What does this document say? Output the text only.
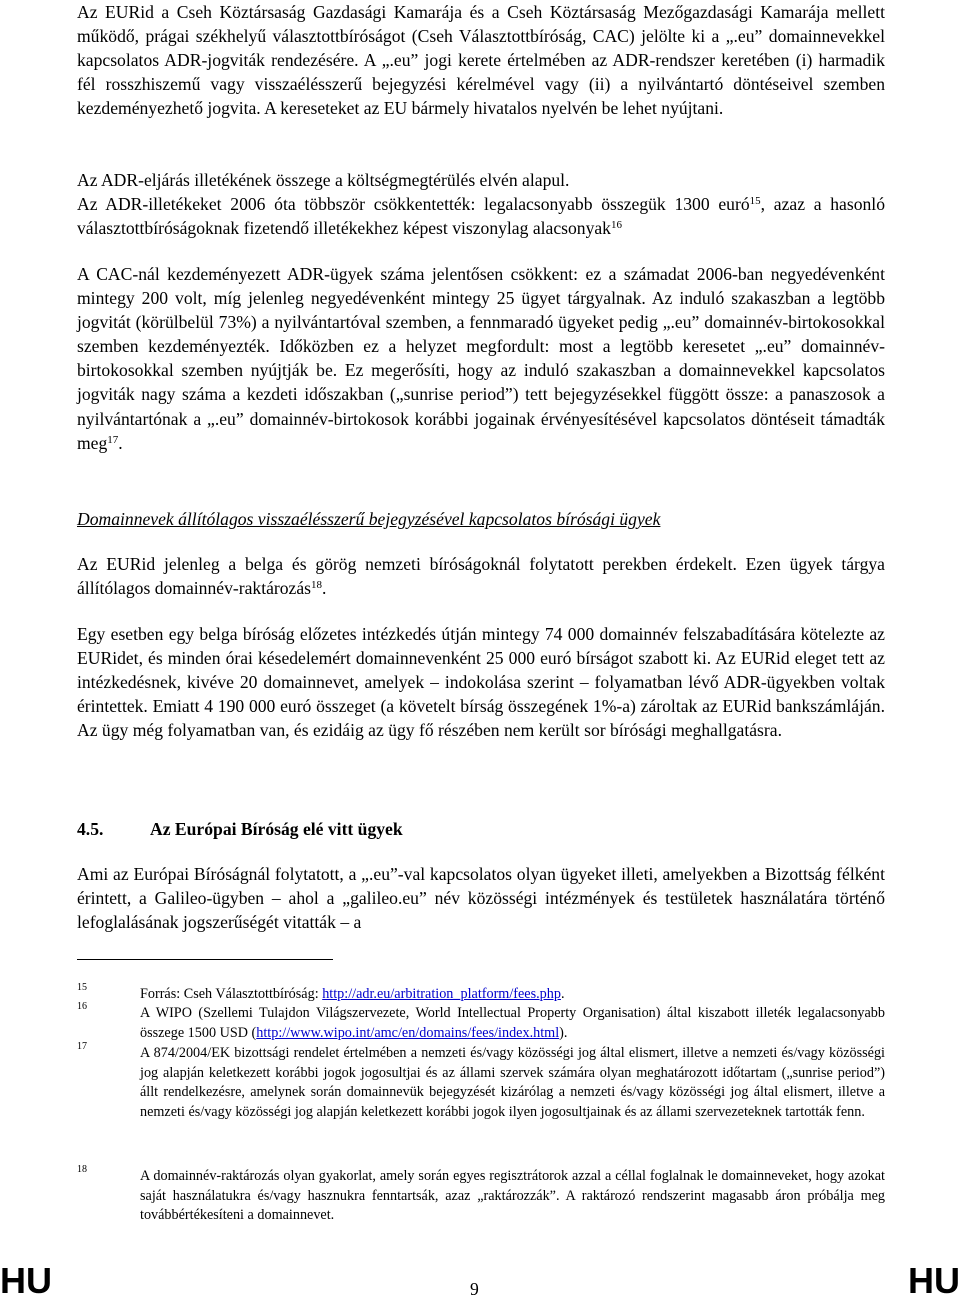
Az EURid a Cseh Köztársaság Gazdasági Kamarája és a Cseh Köztársaság Mezőgazdasági Kamarája mellett működő, prágai székhelyű választottbíróságot (Cseh Választottbíróság, CAC) jelölte ki a „.eu” domainnevekkel kapcsolatos ADR-jogviták rendezésére. A „.eu” jogi kerete értelmében az ADR-rendszer keretében (i) harmadik fél rosszhiszemű vagy visszaélésszerű bejegyzési kérelmével vagy (ii) a nyilvántartó döntéseivel szemben kezdeményezhető jogvita. A kereseteket az EU bármely hivatalos nyelvén be lehet nyújtani.

Az ADR-eljárás illetékének összege a költségmegtérülés elvén alapul.

Az ADR-illetékeket 2006 óta többször csökkentették: legalacsonyabb összegük 1300 euró$^{15}$, azaz a hasonló választottbíróságoknak fizetendő illetékekhez képest viszonylag alacsonyak$^{16}$

A CAC-nál kezdeményezett ADR-ügyek száma jelentősen csökkent: ez a számadat 2006-ban negyedévenként mintegy 200 volt, míg jelenleg negyedévenként mintegy 25 ügyet tárgyalnak. Az induló szakaszban a legtöbb jogvitát (körülbelül 73%) a nyilvántartóval szemben, a fennmaradó ügyeket pedig „.eu” domainnév-birtokosokkal szemben kezdeményezték. Időközben ez a helyzet megfordult: most a legtöbb keresetet „.eu” domainnév-birtokosokkal szemben nyújtják be. Ez megerősíti, hogy az induló szakaszban a domainnevekkel kapcsolatos jogviták nagy száma a kezdeti időszakban („sunrise period”) tett bejegyzésekkel függött össze: a panaszosok a nyilvántartónak a „.eu” domainnév-birtokosok korábbi jogainak érvényesítésével kapcsolatos döntéseit támadták meg$^{17}$.

Domainnevek állítólagos visszaélésszerű bejegyzésével kapcsolatos bírósági ügyek

Az EURid jelenleg a belga és görög nemzeti bíróságoknál folytatott perekben érdekelt. Ezen ügyek tárgya állítólagos domainnév-raktározás$^{18}$.

Egy esetben egy belga bíróság előzetes intézkedés útján mintegy 74 000 domainnév felszabadítására kötelezte az EURidet, és minden órai késedelemért domainnevenként 25 000 euró bírságot szabott ki. Az EURid eleget tett az intézkedésnek, kivéve 20 domainnevet, amelyek – indokolása szerint – folyamatban lévő ADR-ügyekben voltak érintettek. Emiatt 4 190 000 euró összeget (a követelt bírság összegének 1%-a) zároltak az EURid bankszámláján. Az ügy még folyamatban van, és ezidáig az ügy fő részében nem került sor bírósági meghallgatásra.

4.5.	Az Európai Bíróság elé vitt ügyek

Ami az Európai Bíróságnál folytatott, a „.eu”-val kapcsolatos olyan ügyeket illeti, amelyekben a Bizottság félként érintett, a Galileo-ügyben – ahol a „galileo.eu” név közösségi intézmények és testületek használatára történő lefoglalásának jogszerűségét vitatták – a

15	Forrás: Cseh Választottbíróság: http://adr.eu/arbitration_platform/fees.php.
16	A WIPO (Szellemi Tulajdon Világszervezete, World Intellectual Property Organisation) által kiszabott illeték legalacsonyabb összege 1500 USD (http://www.wipo.int/amc/en/domains/fees/index.html).
17	A 874/2004/EK bizottsági rendelet értelmében a nemzeti és/vagy közösségi jog által elismert, illetve a nemzeti és/vagy közösségi jog alapján keletkezett korábbi jogok jogosultjai és az állami szervek számára olyan meghatározott időtartam („sunrise period”) állt rendelkezésre, amelynek során domainnevük bejegyzését kizárólag a nemzeti és/vagy közösségi jog által elismert, illetve a nemzeti és/vagy közösségi jog alapján keletkezett korábbi jogok ilyen jogosultjainak és az állami szervezeteknek tartották fenn.
18	A domainnév-raktározás olyan gyakorlat, amely során egyes regisztrátorok azzal a céllal foglalnak le domainneveket, hogy azokat saját használatukra és/vagy hasznukra fenntartsák, azaz „raktározzák”. A raktározó rendszerint magasabb áron próbálja meg továbbértékesíteni a domainnevet.
HU	9	HU
